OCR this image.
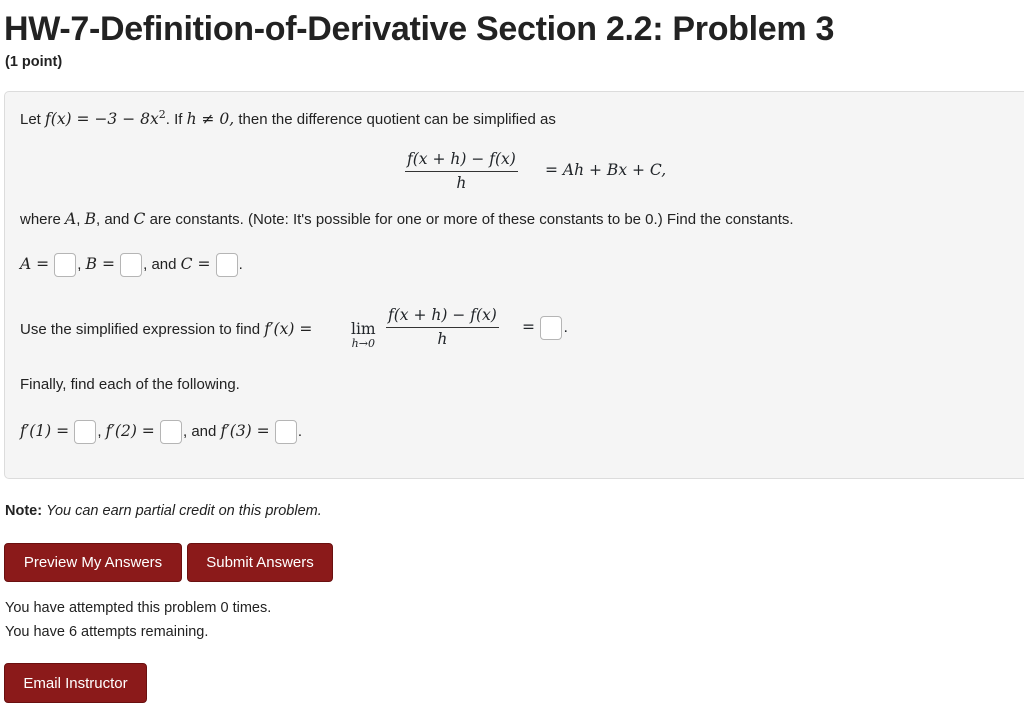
HW-7-Definition-of-Derivative Section 2.2: Problem 3
(1 point)
Let $f(x) = -3 - 8x^2$. If h ≠ 0, then the difference quotient can be simplified as
f(x + h) − f(x)
h
= Ah + Bx + C,
where A, B, and C are constants. (Note: It's possible for one or more of these constants to be 0.) Find the constants.
A = , B = , and C = .
Use the simplified expression to find f′(x) = lim
h→0
f(x + h) − f(x)
h
= .
Finally, find each of the following.
f′(1) = , f′(2) = , and f′(3) = .
Note: You can earn partial credit on this problem.
Preview My Answers	Submit Answers
You have attempted this problem 0 times.
You have 6 attempts remaining.
Email Instructor
